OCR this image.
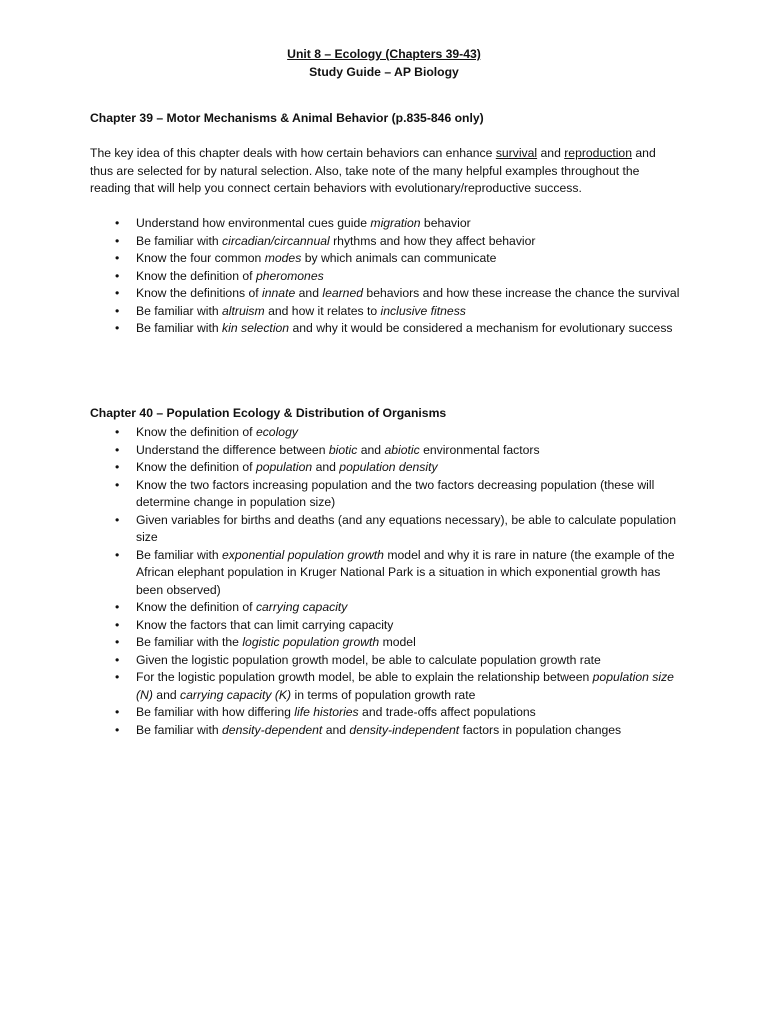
Unit 8 – Ecology (Chapters 39-43)
Study Guide – AP Biology
Chapter 39 – Motor Mechanisms & Animal Behavior (p.835-846 only)
The key idea of this chapter deals with how certain behaviors can enhance survival and reproduction and thus are selected for by natural selection. Also, take note of the many helpful examples throughout the reading that will help you connect certain behaviors with evolutionary/reproductive success.
• Understand how environmental cues guide migration behavior
• Be familiar with circadian/circannual rhythms and how they affect behavior
• Know the four common modes by which animals can communicate
• Know the definition of pheromones
• Know the definitions of innate and learned behaviors and how these increase the chance the survival
• Be familiar with altruism and how it relates to inclusive fitness
• Be familiar with kin selection and why it would be considered a mechanism for evolutionary success
Chapter 40 – Population Ecology & Distribution of Organisms
• Know the definition of ecology
• Understand the difference between biotic and abiotic environmental factors
• Know the definition of population and population density
• Know the two factors increasing population and the two factors decreasing population (these will determine change in population size)
• Given variables for births and deaths (and any equations necessary), be able to calculate population size
• Be familiar with exponential population growth model and why it is rare in nature (the example of the African elephant population in Kruger National Park is a situation in which exponential growth has been observed)
• Know the definition of carrying capacity
• Know the factors that can limit carrying capacity
• Be familiar with the logistic population growth model
• Given the logistic population growth model, be able to calculate population growth rate
• For the logistic population growth model, be able to explain the relationship between population size (N) and carrying capacity (K) in terms of population growth rate
• Be familiar with how differing life histories and trade-offs affect populations
• Be familiar with density-dependent and density-independent factors in population changes
